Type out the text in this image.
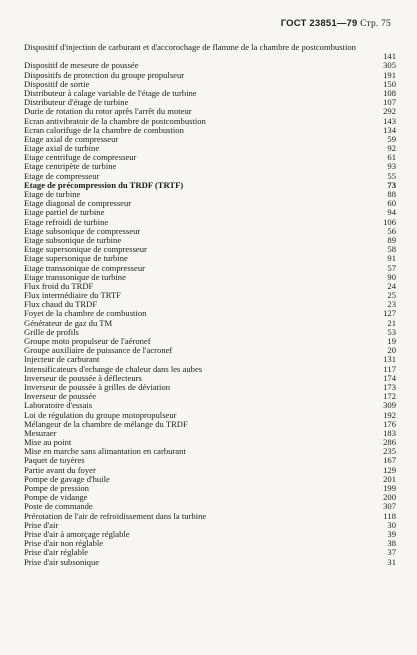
ГОСТ 23851—79 Стр. 75
Dispositif d'injection de carburant et d'accorochage de flamme de la chambre de postcombustion
141
Dispositif de meseure de poussée	305
Dispositifs de protection du groupe propulseur	191
Dispositif de sortie	150
Distributeur à calage variable de l'étage de turbine	108
Distributeur d'étage de turbine	107
Durie de rotation du rotor après l'arrêt du moteur	292
Ecran antivibratoir de la chambre de postcombustion	143
Ecran calorifuge de la chambre de combustion	134
Etage axial de compresseur	59
Etage axial de turbine	92
Etage centrifuge de compresseur	61
Etage centripète de turbine	93
Etage de compresseur	55
Etage de précompression du TRDF (TRTF)	73
Etage de turbine	88
Etage diagonal de compresseur	60
Etage partiel de turbine	94
Etage refroidi de turbine	106
Etage subsonique de compresseur	56
Etage subsonique de turbine	89
Etage supersonique de compresseur	58
Etage supersonique de turbine	91
Etage transsonique de compresseur	57
Etage transsonique de turbine	90
Flux froid du TRDF	24
Flux intermédiaire du TRTF	25
Flux chaud du TRDF	23
Foyet de la chambre de combustion	127
Générateur de gaz du TM	21
Grille de profils	53
Groupe moto propulseur de l'aéronef	19
Groupe auxiliaire de puissance de l'acronef	20
Injecteur de carburant	131
Intensificateurs d'echange de chaleur dans les aubes	117
Inverseur de poussée à déflecteurs	174
Inverseur de poussée à grilles de déviation	173
Inverseur de poussée	172
Laboratoire d'essais	309
Loi de régulation du groupe motopropulseur	192
Mélangeur de la chambre de mélange du TRDF	176
Mesuraer	183
Mise au point	286
Mise en marche sans alimantation en carburant	235
Paquet de tuyères	167
Partie avant du foyer	129
Pompe de gavage d'huile	201
Pompe de pression	199
Pompe de vidange	200
Poste de commande	307
Prérotation de l'air de refroidissement dans la turbine	118
Prise d'air	30
Prise d'air à amorçage réglable	39
Prise d'air non réglable	38
Prise d'air réglable	37
Prise d'air subsonique	31
